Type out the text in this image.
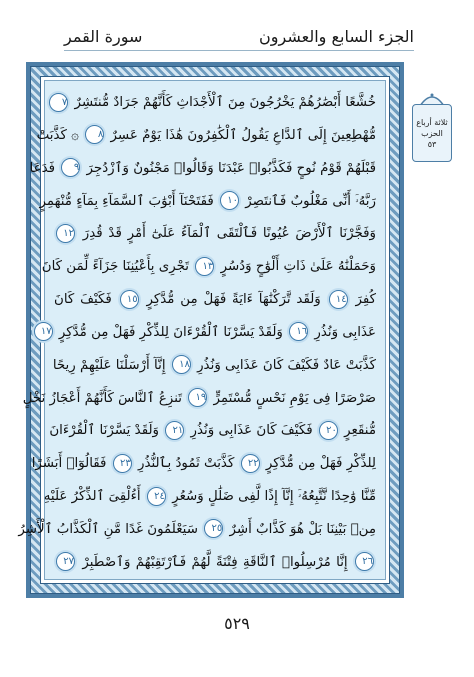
سورة القمر	الجزء السابع والعشرون
خُشَّعًا أَبْصَٰرُهُمْ يَخْرُجُونَ مِنَ ٱلْأَجْدَاثِ كَأَنَّهُمْ جَرَادٌ مُّنتَشِرٌ ٧
مُّهْطِعِينَ إِلَى ٱلدَّاعِ يَقُولُ ٱلْكَٰفِرُونَ هَٰذَا يَوْمٌ عَسِرٌ ٨ ۞ كَذَّبَتْ
قَبْلَهُمْ قَوْمُ نُوحٍ فَكَذَّبُوا۟ عَبْدَنَا وَقَالُوا۟ مَجْنُونٌ وَٱزْدُجِرَ ٩ فَدَعَا
رَبَّهُۥٓ أَنِّى مَغْلُوبٌ فَٱنتَصِرْ ١٠ فَفَتَحْنَآ أَبْوَٰبَ ٱلسَّمَآءِ بِمَآءٍ مُّنْهَمِرٍ
وَفَجَّرْنَا ٱلْأَرْضَ عُيُونًا فَٱلْتَقَى ٱلْمَآءُ عَلَىٰٓ أَمْرٍ قَدْ قُدِرَ ١٢
وَحَمَلْنَٰهُ عَلَىٰ ذَاتِ أَلْوَٰحٍ وَدُسُرٍ ١٣ تَجْرِى بِأَعْيُنِنَا جَزَآءً لِّمَن كَانَ
كُفِرَ ١٤ وَلَقَد تَّرَكْنَٰهَآ ءَايَةً فَهَلْ مِن مُّدَّكِرٍ ١٥ فَكَيْفَ كَانَ
عَذَابِى وَنُذُرِ ١٦ وَلَقَدْ يَسَّرْنَا ٱلْقُرْءَانَ لِلذِّكْرِ فَهَلْ مِن مُّدَّكِرٍ ١٧
كَذَّبَتْ عَادٌ فَكَيْفَ كَانَ عَذَابِى وَنُذُرِ ١٨ إِنَّآ أَرْسَلْنَا عَلَيْهِمْ رِيحًا
صَرْصَرًا فِى يَوْمِ نَحْسٍ مُّسْتَمِرٍّ ١٩ تَنزِعُ ٱلنَّاسَ كَأَنَّهُمْ أَعْجَازُ نَخْلٍ
مُّنقَعِرٍ ٢٠ فَكَيْفَ كَانَ عَذَابِى وَنُذُرِ ٢١ وَلَقَدْ يَسَّرْنَا ٱلْقُرْءَانَ
لِلذِّكْرِ فَهَلْ مِن مُّدَّكِرٍ ٢٢ كَذَّبَتْ ثَمُودُ بِٱلنُّذُرِ ٢٣ فَقَالُوٓا۟ أَبَشَرًا
مِّنَّا وَٰحِدًا نَّتَّبِعُهُۥٓ إِنَّآ إِذًا لَّفِى ضَلَٰلٍ وَسُعُرٍ ٢٤ أَءُلْقِىَ ٱلذِّكْرُ عَلَيْهِ
مِنۢ بَيْنِنَا بَلْ هُوَ كَذَّابٌ أَشِرٌ ٢٥ سَيَعْلَمُونَ غَدًا مَّنِ ٱلْكَذَّابُ ٱلْأَشِرُ
٢٦ إِنَّا مُرْسِلُوا۟ ٱلنَّاقَةِ فِتْنَةً لَّهُمْ فَٱرْتَقِبْهُمْ وَٱصْطَبِرْ ٢٧
ثلاثة أرباع
الحزب
٥٣
٥٢٩
